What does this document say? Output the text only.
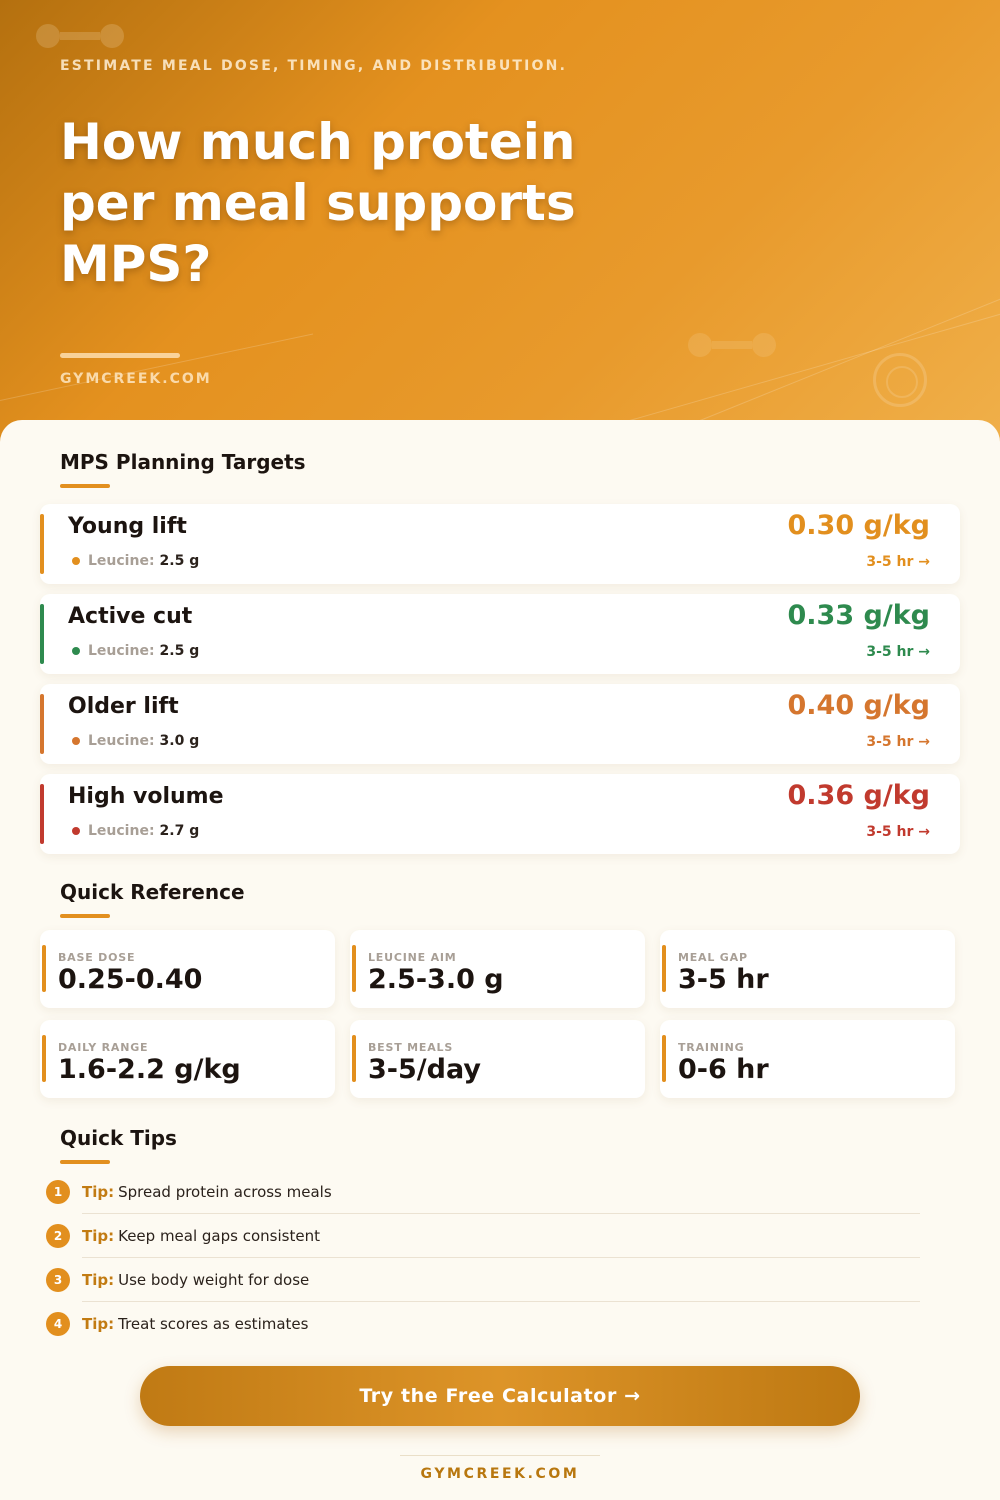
ESTIMATE MEAL DOSE, TIMING, AND DISTRIBUTION.
How much protein per meal supports MPS?
GYMCREEK.COM
MPS Planning Targets
Young lift
Leucine: 2.5 g
0.30 g/kg
3-5 hr →
Active cut
Leucine: 2.5 g
0.33 g/kg
3-5 hr →
Older lift
Leucine: 3.0 g
0.40 g/kg
3-5 hr →
High volume
Leucine: 2.7 g
0.36 g/kg
3-5 hr →
Quick Reference
BASE DOSE
0.25-0.40
LEUCINE AIM
2.5-3.0 g
MEAL GAP
3-5 hr
DAILY RANGE
1.6-2.2 g/kg
BEST MEALS
3-5/day
TRAINING
0-6 hr
Quick Tips
1	Tip: Spread protein across meals
2	Tip: Keep meal gaps consistent
3	Tip: Use body weight for dose
4	Tip: Treat scores as estimates
Try the Free Calculator →
GYMCREEK.COM
